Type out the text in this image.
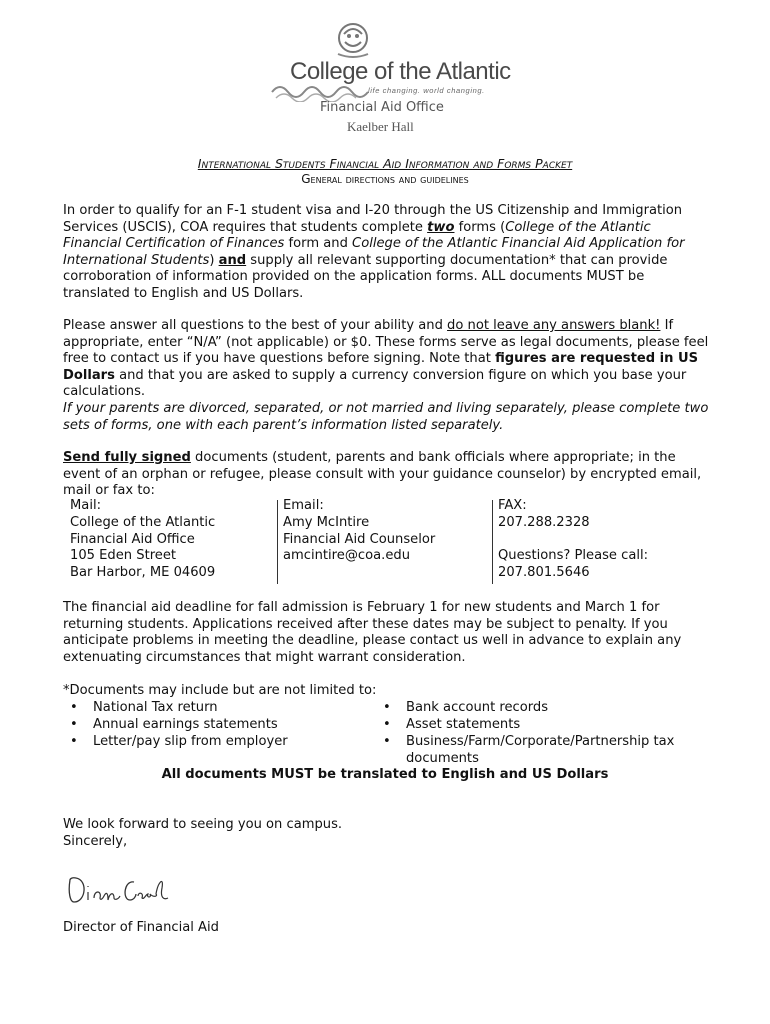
College of the Atlantic
life changing. world changing.
Financial Aid Office
Kaelber Hall
International Students Financial Aid Information and Forms Packet
General directions and guidelines

In order to qualify for an F-1 student visa and I-20 through the US Citizenship and Immigration Services (USCIS), COA requires that students complete two forms (College of the Atlantic Financial Certification of Finances form and College of the Atlantic Financial Aid Application for International Students) and supply all relevant supporting documentation* that can provide corroboration of information provided on the application forms. ALL documents MUST be translated to English and US Dollars.

Please answer all questions to the best of your ability and do not leave any answers blank! If appropriate, enter “N/A” (not applicable) or $0. These forms serve as legal documents, please feel free to contact us if you have questions before signing. Note that figures are requested in US Dollars and that you are asked to supply a currency conversion figure on which you base your calculations.

If your parents are divorced, separated, or not married and living separately, please complete two sets of forms, one with each parent’s information listed separately.

Send fully signed documents (student, parents and bank officials where appropriate; in the event of an orphan or refugee, please consult with your guidance counselor) by encrypted email, mail or fax to:

Mail:
College of the Atlantic
Financial Aid Office
105 Eden Street
Bar Harbor, ME 04609
Email:
Amy McIntire
Financial Aid Counselor
amcintire@coa.edu
FAX:
207.288.2328

Questions? Please call:
207.801.5646

The financial aid deadline for fall admission is February 1 for new students and March 1 for returning students. Applications received after these dates may be subject to penalty. If you anticipate problems in meeting the deadline, please contact us well in advance to explain any extenuating circumstances that might warrant consideration.

*Documents may include but are not limited to:

• National Tax return
• Annual earnings statements
• Letter/pay slip from employer
• Bank account records
• Asset statements
• Business/Farm/Corporate/Partnership tax documents
All documents MUST be translated to English and US Dollars
We look forward to seeing you on campus.
Sincerely,
Director of Financial Aid
